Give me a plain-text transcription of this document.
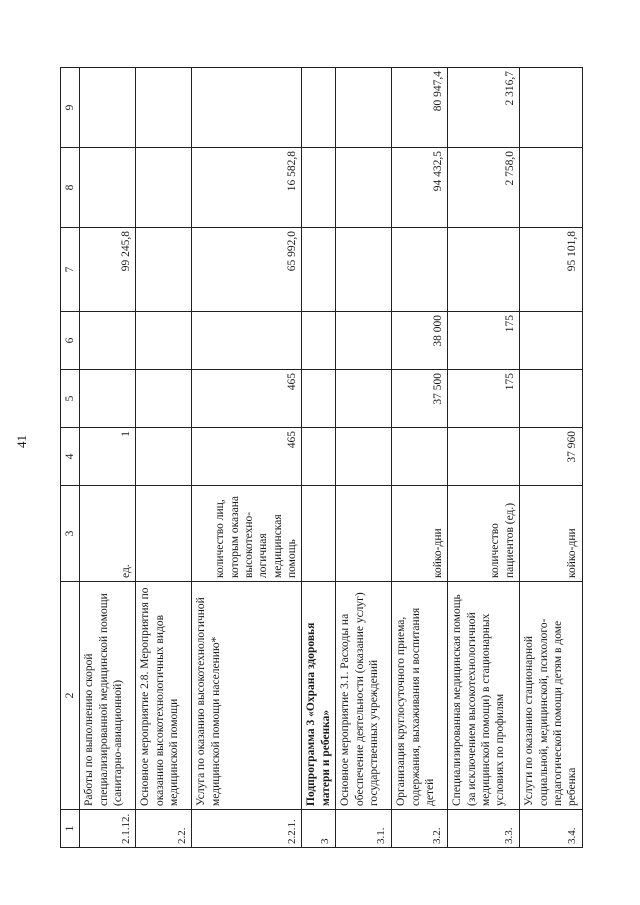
41
1	2	3	4	5	6	7	8	9
2.1.12.	Работы по выполнению скорой специализированной медицинской помощи (санитарно-авиационной)	ед.	1			99 245,8		
2.2.	Основное мероприятие 2.8. Мероприятия по оказанию высокотехнологичных видов медицинской помощи							
2.2.1.	Услуга по оказанию высокотехнологичной медицинской помощи населению*	количество лиц, которым оказана высокотехно-логичная медицинская помощь	465	465		65 992,0	16 582,8	
3	Подпрограмма 3 «Охрана здоровья матери и ребенка»							
3.1.	Основное мероприятие 3.1. Расходы на обеспечение деятельности (оказание услуг) государственных учреждений							
3.2.	Организация круглосуточного приема, содержания, выхаживания и воспитания детей	койко-дни		37 500	38 000		94 432,5	80 947,4
3.3.	Специализированная медицинская помощь (за исключением высокотехнологичной медицинской помощи) в стационарных условиях по профилям	количество пациентов (ед.)		175	175		2 758,0	2 316,7
3.4.	Услуги по оказанию стационарной социальной, медицинской, психолого-педагогической помощи детям в доме ребенка	койко-дни	37 960			95 101,8		
